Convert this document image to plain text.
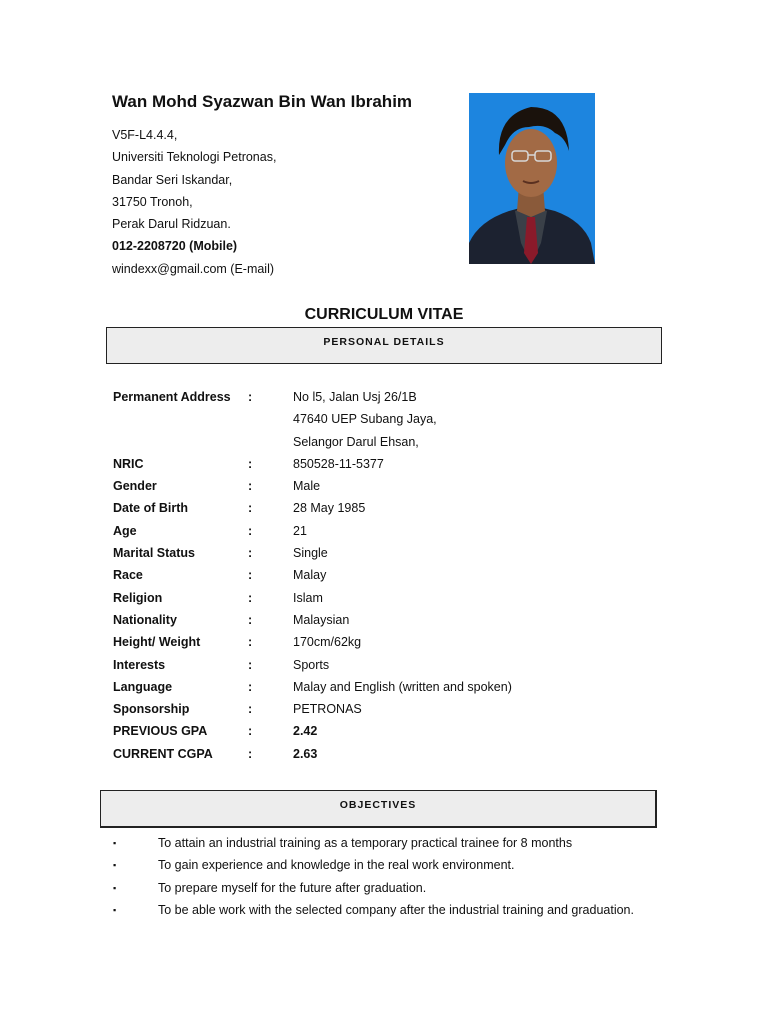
Wan Mohd Syazwan Bin Wan Ibrahim
V5F-L4.4.4,
Universiti Teknologi Petronas,
Bandar Seri Iskandar,
31750 Tronoh,
Perak Darul Ridzuan.
012-2208720 (Mobile)
windexx@gmail.com (E-mail)
CURRICULUM VITAE
PERSONAL DETAILS
Permanent Address	:	No l5, Jalan Usj 26/1B
47640 UEP Subang Jaya,
Selangor Darul Ehsan,
NRIC	:	850528-11-5377
Gender	:	Male
Date of Birth	:	28 May 1985
Age	:	21
Marital Status	:	Single
Race	:	Malay
Religion	:	Islam
Nationality	:	Malaysian
Height/ Weight	:	170cm/62kg
Interests	:	Sports
Language	:	Malay and English (written and spoken)
Sponsorship	:	PETRONAS
PREVIOUS GPA	:	2.42
CURRENT CGPA	:	2.63
OBJECTIVES
▪	To attain an industrial training as a temporary practical trainee for 8 months
▪	To gain experience and knowledge in the real work environment.
▪	To prepare myself for the future after graduation.
▪	To be able work with the selected company after the industrial training and graduation.
